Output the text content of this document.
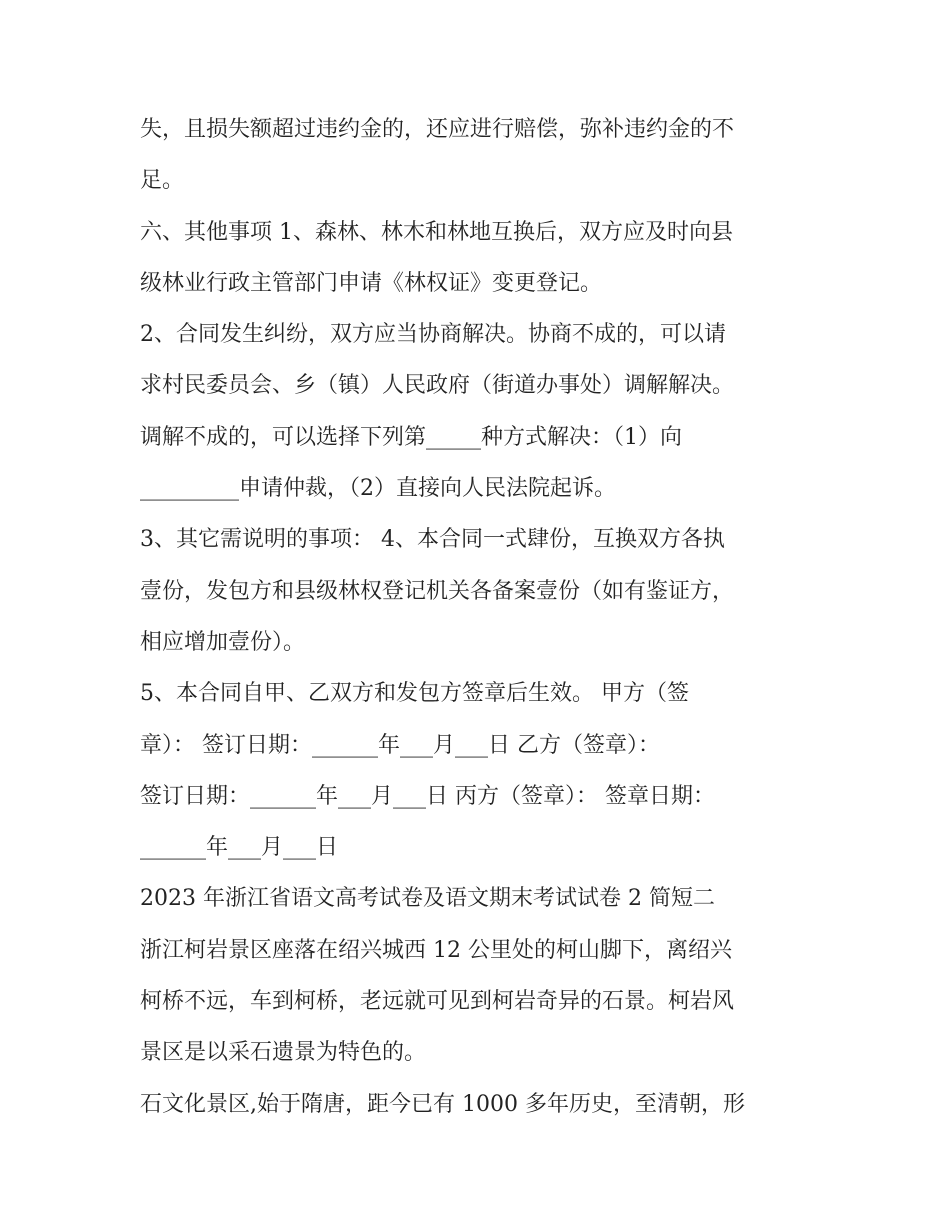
失，且损失额超过违约金的，还应进行赔偿，弥补违约金的不

足。

六、其他事项 1、森林、林木和林地互换后，双方应及时向县

级林业行政主管部门申请《林权证》变更登记。

2、合同发生纠纷，双方应当协商解决。协商不成的，可以请

求村民委员会、乡（镇）人民政府（街道办事处）调解解决。

调解不成的，可以选择下列第_____种方式解决：（1）向

_________申请仲裁，（2）直接向人民法院起诉。

3、其它需说明的事项： 4、本合同一式肆份，互换双方各执

壹份，发包方和县级林权登记机关各备案壹份（如有鉴证方，

相应增加壹份）。

5、本合同自甲、乙双方和发包方签章后生效。 甲方（签

章）： 签订日期：______年___月___日 乙方（签章）：

签订日期：______年___月___日 丙方（签章）： 签章日期：

______年___月___日

2023 年浙江省语文高考试卷及语文期末考试试卷 2 简短二

浙江柯岩景区座落在绍兴城西 12 公里处的柯山脚下，离绍兴

柯桥不远，车到柯桥，老远就可见到柯岩奇异的石景。柯岩风

景区是以采石遗景为特色的。

石文化景区,始于隋唐，距今已有 1000 多年历史，至清朝，形
